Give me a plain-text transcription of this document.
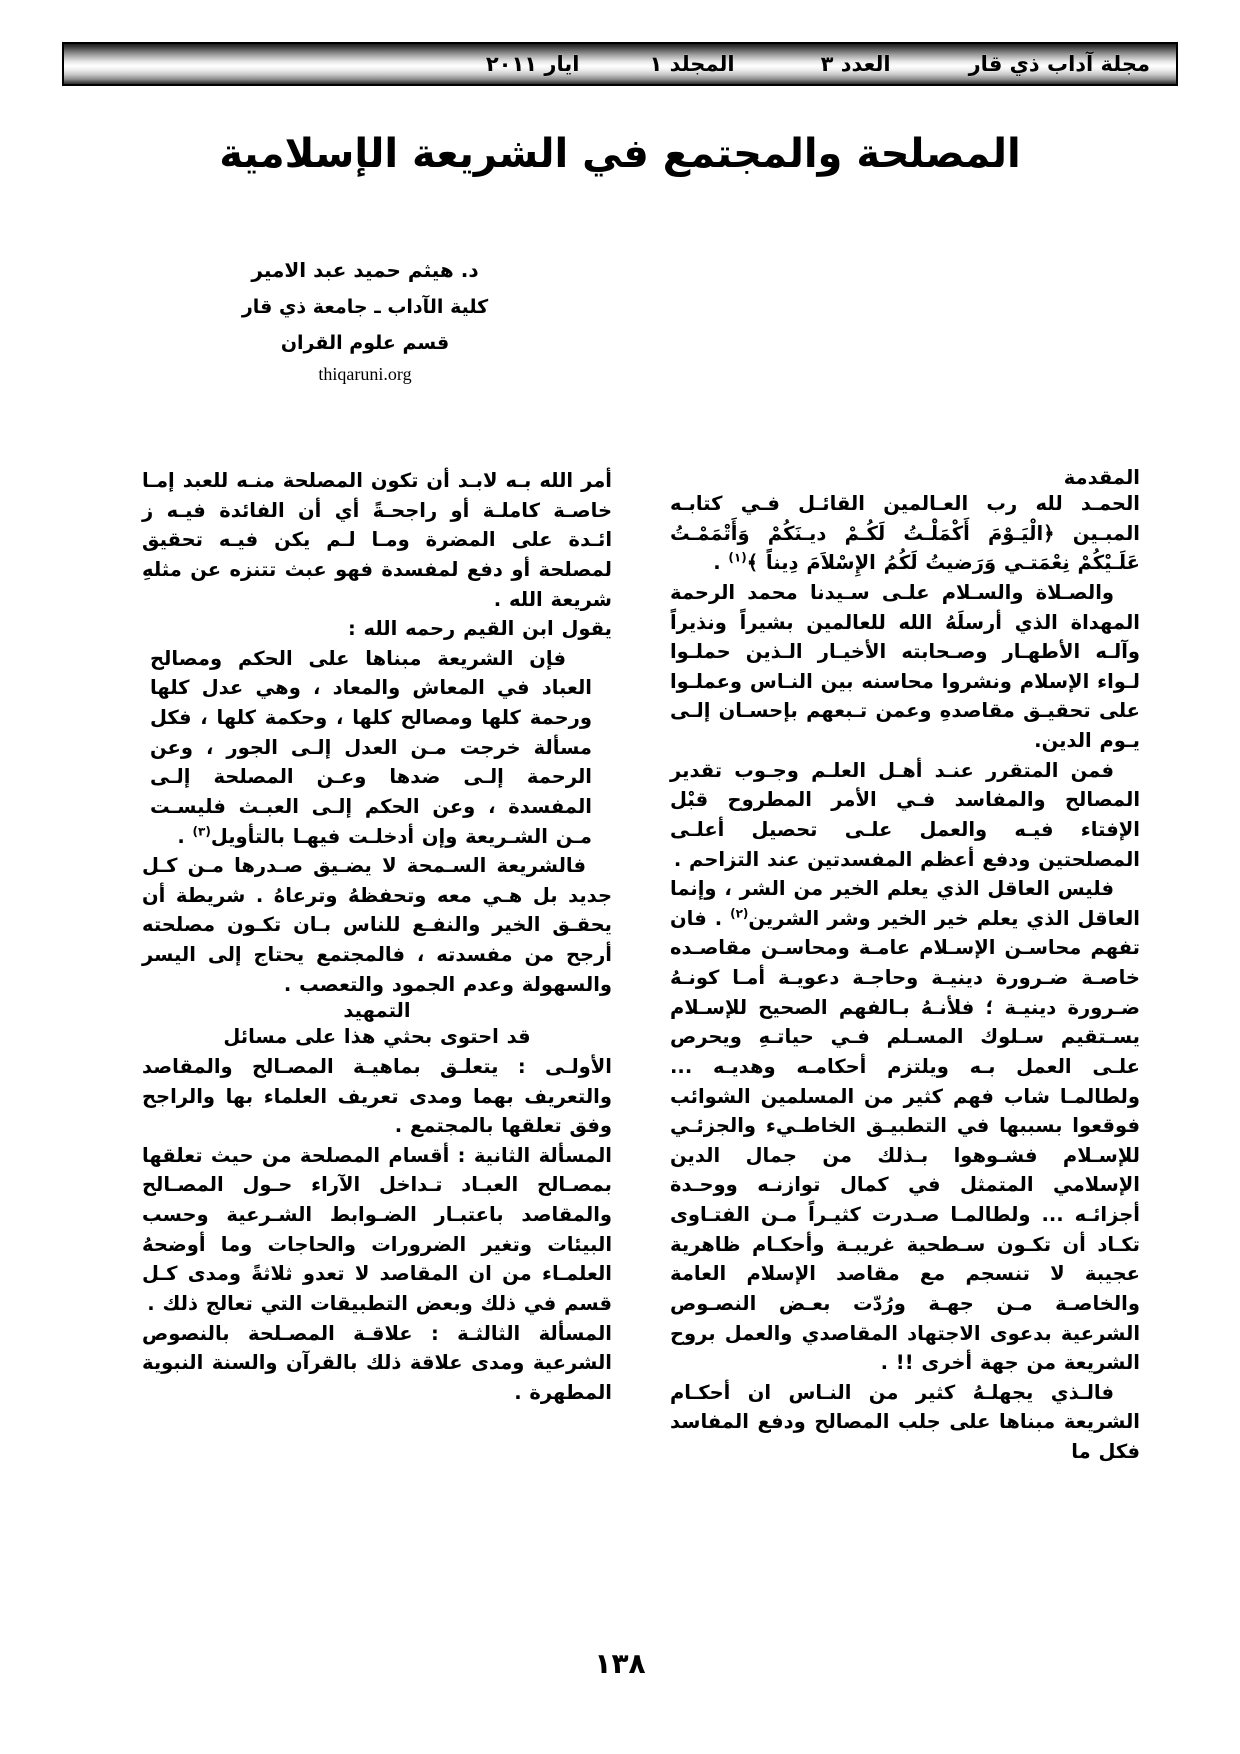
مجلة آداب ذي قار
العدد ٣
المجلد ١
ايار ٢٠١١
المصلحة والمجتمع في الشريعة الإسلامية
د. هيثم حميد عبد الامير
كلية الآداب ـ جامعة ذي قار
قسم علوم القران
thiqaruni.org
المقدمة

الحمـد لله رب العـالمين القائـل فـي كتابـه المبـين ﴿الْيَـوْمَ أَكْمَلْـتُ لَكُـمْ ديـنَكُمْ وَأَتْمَمْـتُ عَلَـيْكُمْ نِعْمَتـي وَرَضيتُ لَكُمُ الإِسْلاَمَ دِيناً ﴾$^{(١)}$ .

والصـلاة والسـلام علـى سـيدنا محمد الرحمة المهداة الذي أرسلَهُ الله للعالمين بشيراً ونذيراً وآلـه الأطهـار وصـحابته الأخيـار الـذين حملـوا لـواء الإسلام ونشروا محاسنه بين النـاس وعملـوا على تحقيـق مقاصدهِ وعمن تـبعهم بإحسـان إلـى يـوم الدين.

فمن المتقرر عنـد أهـل العلـم وجـوب تقدير المصالح والمفاسد فـي الأمر المطروح قبْل الإفتاء فيـه والعمل علـى تحصيل أعلـى المصلحتين ودفع أعظم المفسدتين عند التزاحم .

فليس العاقل الذي يعلم الخير من الشر ، وإنما العاقل الذي يعلم خير الخير وشر الشرين$^{(٢)}$ . فان تفهم محاسـن الإسـلام عامـة ومحاسـن مقاصـده خاصـة ضـرورة دينيـة وحاجـة دعويـة أمـا كونـهُ ضـرورة دينيـة ؛ فلأنـهُ بـالفهم الصحيح للإسـلام يسـتقيم سـلوك المسـلم فـي حياتـهِ ويحرص علـى العمل بـه ويلتزم أحكامـه وهديـه ... ولطالمـا شاب فهم كثير من المسلمين الشوائب فوقعوا بسببها في التطبيـق الخاطـيء والجزئـي للإسـلام فشـوهوا بـذلك من جمال الدين الإسلامي المتمثل في كمال توازنـه ووحـدة أجزائـه ... ولطالمـا صـدرت كثيـراً مـن الفتـاوى تكـاد أن تكـون سـطحية غريبـة وأحكـام ظاهرية عجيبة لا تنسجم مع مقاصد الإسلام العامة والخاصـة مـن جهـة ورُدّت بعـض النصـوص الشرعية بدعوى الاجتهاد المقاصدي والعمل بروح الشريعة من جهة أخرى !! .

فالـذي يجهلـهُ كثير من النـاس ان أحكـام الشريعة مبناها على جلب المصالح ودفع المفاسد فكل ما

أمر الله بـه لابـد أن تكون المصلحة منـه للعبد إمـا خاصـة كاملـة أو راجحـةً أي أن الفائدة فيـه ز ائـدة على المضرة ومـا لـم يكن فيـه تحقيق لمصلحة أو دفع لمفسدة فهو عبث تتنزه عن مثلهِ شريعة الله .

يقول ابن القيم رحمه الله :

فإن الشريعة مبناها على الحكم ومصالح العباد في المعاش والمعاد ، وهي عدل كلها ورحمة كلها ومصالح كلها ، وحكمة كلها ، فكل مسألة خرجت مـن العدل إلـى الجور ، وعن الرحمة إلـى ضدها وعـن المصلحة إلـى المفسدة ، وعن الحكم إلـى العبـث فليسـت مـن الشـريعة وإن أدخلـت فيهـا بالتأويل$^{(٣)}$ .

فالشريعة السـمحة لا يضـيق صـدرها مـن كـل جديد بل هـي معه وتحفظهُ وترعاهُ . شريطة أن يحقـق الخير والنفـع للناس بـان تكـون مصلحته أرجح من مفسدته ، فالمجتمع يحتاج إلى اليسر والسهولة وعدم الجمود والتعصب .

التمهيد

قد احتوى بحثي هذا على مسائل

الأولـى : يتعلـق بماهيـة المصـالح والمقاصد والتعريف بهما ومدى تعريف العلماء بها والراجح وفق تعلقها بالمجتمع .

المسألة الثانية : أقسام المصلحة من حيث تعلقها بمصـالح العبـاد تـداخل الآراء حـول المصـالح والمقاصد باعتبـار الضـوابط الشـرعية وحسب البيئات وتغير الضرورات والحاجات وما أوضحهُ العلمـاء من ان المقاصد لا تعدو ثلاثةً ومدى كـل قسم في ذلك وبعض التطبيقات التي تعالج ذلك .

المسألة الثالثـة : علاقـة المصـلحة بالنصوص الشرعية ومدى علاقة ذلك بالقرآن والسنة النبوية المطهرة .

١٣٨
